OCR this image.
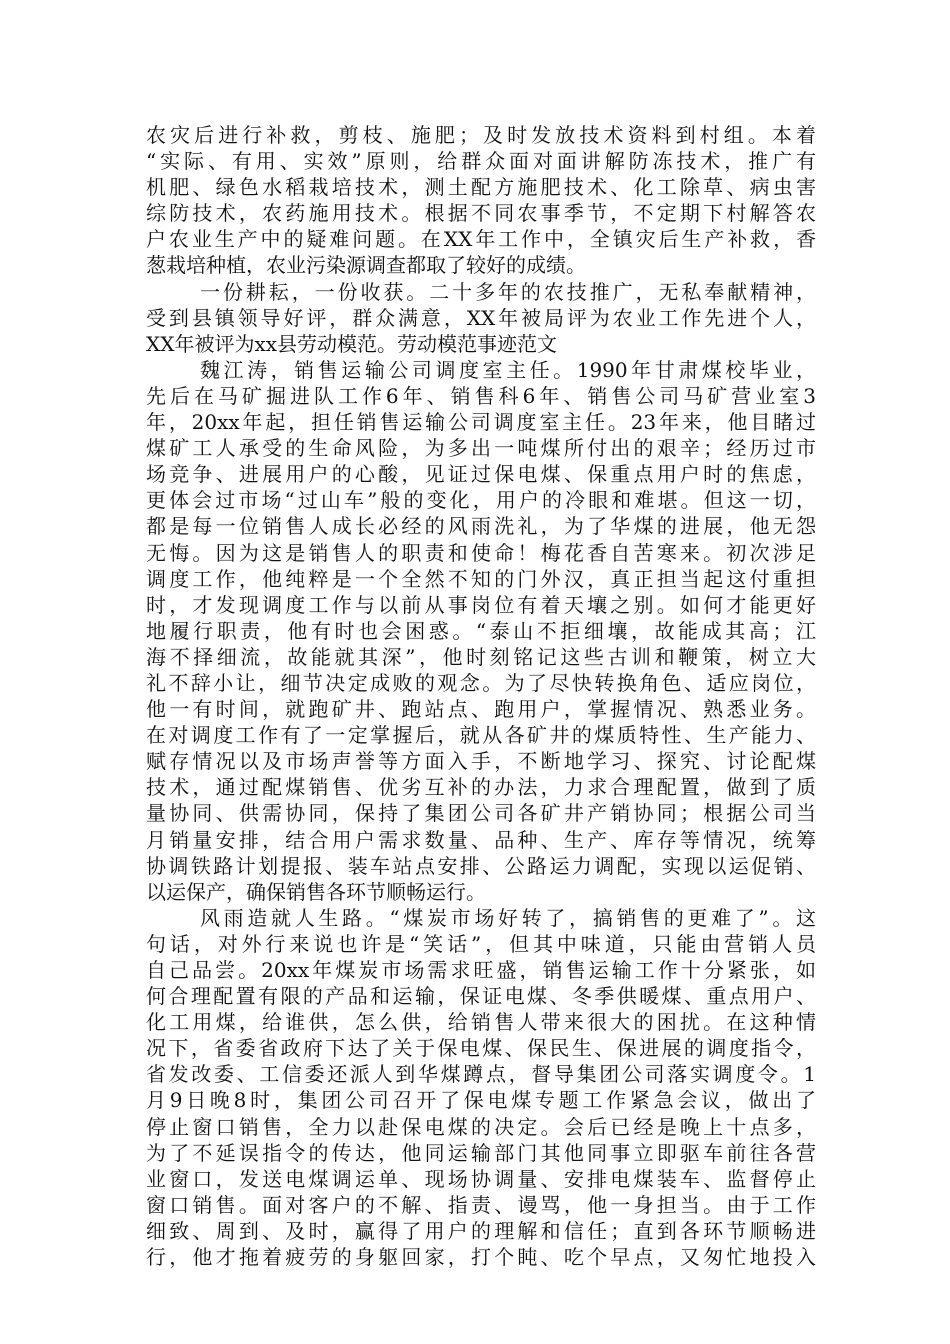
农灾后进行补救，剪枝、施肥；及时发放技术资料到村组。本着
“实际、有用、实效”原则，给群众面对面讲解防冻技术，推广有
机肥、绿色水稻栽培技术，测土配方施肥技术、化工除草、病虫害
综防技术，农药施用技术。根据不同农事季节，不定期下村解答农
户农业生产中的疑难问题。在XX年工作中，全镇灾后生产补救，香
葱栽培种植，农业污染源调查都取了较好的成绩。
一份耕耘，一份收获。二十多年的农技推广，无私奉献精神，
受到县镇领导好评，群众满意，XX年被局评为农业工作先进个人，
XX年被评为xx县劳动模范。劳动模范事迹范文
魏江涛，销售运输公司调度室主任。1990年甘肃煤校毕业，
先后在马矿掘进队工作6年、销售科6年、销售公司马矿营业室3
年，20xx年起，担任销售运输公司调度室主任。23年来，他目睹过
煤矿工人承受的生命风险，为多出一吨煤所付出的艰辛；经历过市
场竞争、进展用户的心酸，见证过保电煤、保重点用户时的焦虑，
更体会过市场“过山车”般的变化，用户的冷眼和难堪。但这一切，
都是每一位销售人成长必经的风雨洗礼，为了华煤的进展，他无怨
无悔。因为这是销售人的职责和使命！梅花香自苦寒来。初次涉足
调度工作，他纯粹是一个全然不知的门外汉，真正担当起这付重担
时，才发现调度工作与以前从事岗位有着天壤之别。如何才能更好
地履行职责，他有时也会困惑。“泰山不拒细壤，故能成其高；江
海不择细流，故能就其深”，他时刻铭记这些古训和鞭策，树立大
礼不辞小让，细节决定成败的观念。为了尽快转换角色、适应岗位，
他一有时间，就跑矿井、跑站点、跑用户，掌握情况、熟悉业务。
在对调度工作有了一定掌握后，就从各矿井的煤质特性、生产能力、
赋存情况以及市场声誉等方面入手，不断地学习、探究、讨论配煤
技术，通过配煤销售、优劣互补的办法，力求合理配置，做到了质
量协同、供需协同，保持了集团公司各矿井产销协同；根据公司当
月销量安排，结合用户需求数量、品种、生产、库存等情况，统筹
协调铁路计划提报、装车站点安排、公路运力调配，实现以运促销、
以运保产，确保销售各环节顺畅运行。
风雨造就人生路。“煤炭市场好转了，搞销售的更难了”。这
句话，对外行来说也许是“笑话”，但其中味道，只能由营销人员
自己品尝。20xx年煤炭市场需求旺盛，销售运输工作十分紧张，如
何合理配置有限的产品和运输，保证电煤、冬季供暖煤、重点用户、
化工用煤，给谁供，怎么供，给销售人带来很大的困扰。在这种情
况下，省委省政府下达了关于保电煤、保民生、保进展的调度指令，
省发改委、工信委还派人到华煤蹲点，督导集团公司落实调度令。1
月9日晚8时，集团公司召开了保电煤专题工作紧急会议，做出了
停止窗口销售，全力以赴保电煤的决定。会后已经是晚上十点多，
为了不延误指令的传达，他同运输部门其他同事立即驱车前往各营
业窗口，发送电煤调运单、现场协调量、安排电煤装车、监督停止
窗口销售。面对客户的不解、指责、谩骂，他一身担当。由于工作
细致、周到、及时，赢得了用户的理解和信任；直到各环节顺畅进
行，他才拖着疲劳的身躯回家，打个盹、吃个早点，又匆忙地投入
